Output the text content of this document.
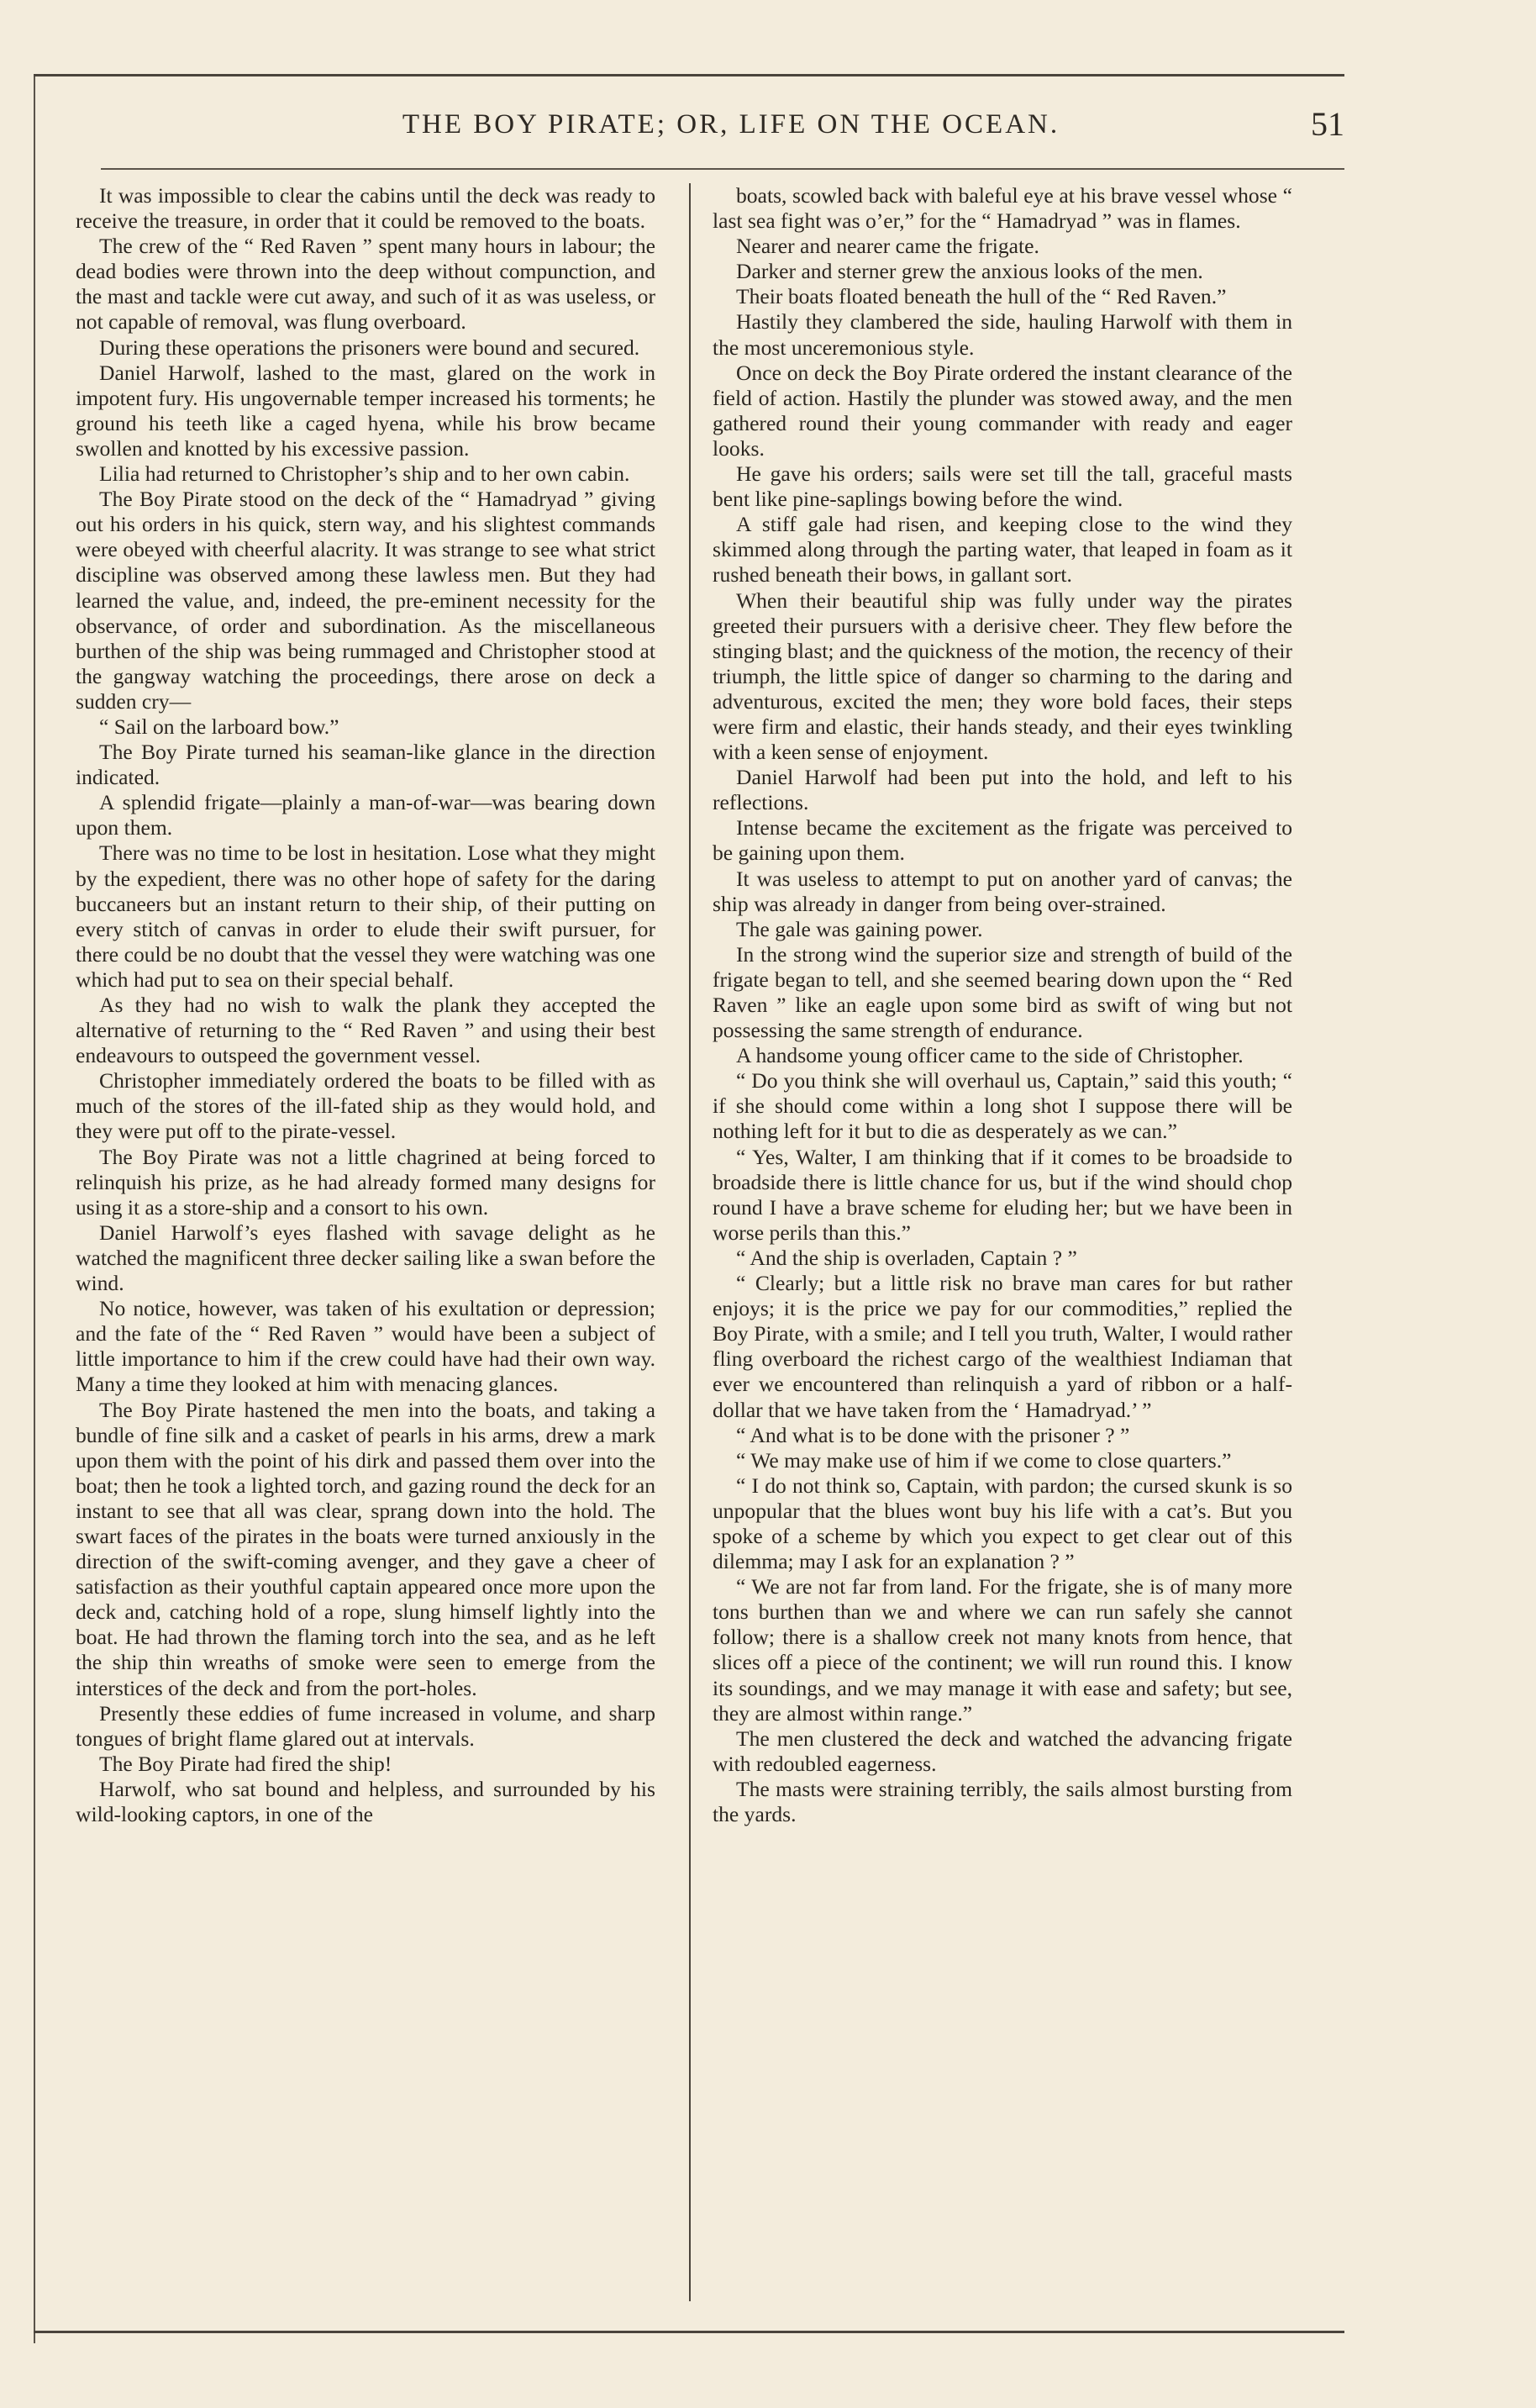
THE BOY PIRATE; OR, LIFE ON THE OCEAN.	51

It was impossible to clear the cabins until the deck was ready to receive the treasure, in order that it could be removed to the boats.

The crew of the “ Red Raven ” spent many hours in labour; the dead bodies were thrown into the deep without compunction, and the mast and tackle were cut away, and such of it as was useless, or not capable of removal, was flung overboard.

During these operations the prisoners were bound and secured.

Daniel Harwolf, lashed to the mast, glared on the work in impotent fury. His ungovernable temper increased his torments; he ground his teeth like a caged hyena, while his brow became swollen and knotted by his excessive passion.

Lilia had returned to Christopher’s ship and to her own cabin.

The Boy Pirate stood on the deck of the “ Hamadryad ” giving out his orders in his quick, stern way, and his slightest commands were obeyed with cheerful alacrity. It was strange to see what strict discipline was observed among these lawless men. But they had learned the value, and, indeed, the pre-eminent necessity for the observance, of order and subordination. As the miscellaneous burthen of the ship was being rummaged and Christopher stood at the gangway watching the proceedings, there arose on deck a sudden cry—

“ Sail on the larboard bow.”

The Boy Pirate turned his seaman-like glance in the direction indicated.

A splendid frigate—plainly a man-of-war—was bearing down upon them.

There was no time to be lost in hesitation. Lose what they might by the expedient, there was no other hope of safety for the daring buccaneers but an instant return to their ship, of their putting on every stitch of canvas in order to elude their swift pursuer, for there could be no doubt that the vessel they were watching was one which had put to sea on their special behalf.

As they had no wish to walk the plank they accepted the alternative of returning to the “ Red Raven ” and using their best endeavours to outspeed the government vessel.

Christopher immediately ordered the boats to be filled with as much of the stores of the ill-fated ship as they would hold, and they were put off to the pirate-vessel.

The Boy Pirate was not a little chagrined at being forced to relinquish his prize, as he had already formed many designs for using it as a store-ship and a consort to his own.

Daniel Harwolf’s eyes flashed with savage delight as he watched the magnificent three decker sailing like a swan before the wind.

No notice, however, was taken of his exultation or depression; and the fate of the “ Red Raven ” would have been a subject of little importance to him if the crew could have had their own way. Many a time they looked at him with menacing glances.

The Boy Pirate hastened the men into the boats, and taking a bundle of fine silk and a casket of pearls in his arms, drew a mark upon them with the point of his dirk and passed them over into the boat; then he took a lighted torch, and gazing round the deck for an instant to see that all was clear, sprang down into the hold. The swart faces of the pirates in the boats were turned anxiously in the direction of the swift-coming avenger, and they gave a cheer of satisfaction as their youthful captain appeared once more upon the deck and, catching hold of a rope, slung himself lightly into the boat. He had thrown the flaming torch into the sea, and as he left the ship thin wreaths of smoke were seen to emerge from the interstices of the deck and from the port-holes.

Presently these eddies of fume increased in volume, and sharp tongues of bright flame glared out at intervals.

The Boy Pirate had fired the ship!

Harwolf, who sat bound and helpless, and surrounded by his wild-looking captors, in one of the

boats, scowled back with baleful eye at his brave vessel whose “ last sea fight was o’er,” for the “ Hamadryad ” was in flames.

Nearer and nearer came the frigate.

Darker and sterner grew the anxious looks of the men.

Their boats floated beneath the hull of the “ Red Raven.”

Hastily they clambered the side, hauling Harwolf with them in the most unceremonious style.

Once on deck the Boy Pirate ordered the instant clearance of the field of action. Hastily the plunder was stowed away, and the men gathered round their young commander with ready and eager looks.

He gave his orders; sails were set till the tall, graceful masts bent like pine-saplings bowing before the wind.

A stiff gale had risen, and keeping close to the wind they skimmed along through the parting water, that leaped in foam as it rushed beneath their bows, in gallant sort.

When their beautiful ship was fully under way the pirates greeted their pursuers with a derisive cheer. They flew before the stinging blast; and the quickness of the motion, the recency of their triumph, the little spice of danger so charming to the daring and adventurous, excited the men; they wore bold faces, their steps were firm and elastic, their hands steady, and their eyes twinkling with a keen sense of enjoyment.

Daniel Harwolf had been put into the hold, and left to his reflections.

Intense became the excitement as the frigate was perceived to be gaining upon them.

It was useless to attempt to put on another yard of canvas; the ship was already in danger from being over-strained.

The gale was gaining power.

In the strong wind the superior size and strength of build of the frigate began to tell, and she seemed bearing down upon the “ Red Raven ” like an eagle upon some bird as swift of wing but not possessing the same strength of endurance.

A handsome young officer came to the side of Christopher.

“ Do you think she will overhaul us, Captain,” said this youth; “ if she should come within a long shot I suppose there will be nothing left for it but to die as desperately as we can.”

“ Yes, Walter, I am thinking that if it comes to be broadside to broadside there is little chance for us, but if the wind should chop round I have a brave scheme for eluding her; but we have been in worse perils than this.”

“ And the ship is overladen, Captain ? ”

“ Clearly; but a little risk no brave man cares for but rather enjoys; it is the price we pay for our commodities,” replied the Boy Pirate, with a smile; and I tell you truth, Walter, I would rather fling overboard the richest cargo of the wealthiest Indiaman that ever we encountered than relinquish a yard of ribbon or a half-dollar that we have taken from the ‘ Hamadryad.’ ”

“ And what is to be done with the prisoner ? ”

“ We may make use of him if we come to close quarters.”

“ I do not think so, Captain, with pardon; the cursed skunk is so unpopular that the blues wont buy his life with a cat’s. But you spoke of a scheme by which you expect to get clear out of this dilemma; may I ask for an explanation ? ”

“ We are not far from land. For the frigate, she is of many more tons burthen than we and where we can run safely she cannot follow; there is a shallow creek not many knots from hence, that slices off a piece of the continent; we will run round this. I know its soundings, and we may manage it with ease and safety; but see, they are almost within range.”

The men clustered the deck and watched the advancing frigate with redoubled eagerness.

The masts were straining terribly, the sails almost bursting from the yards.
